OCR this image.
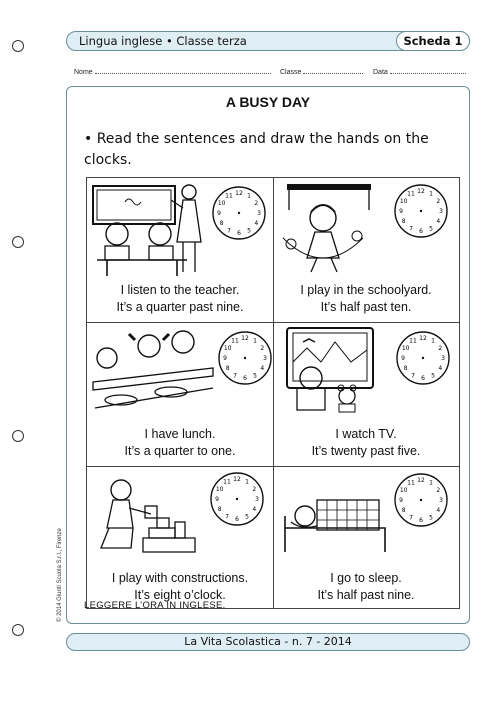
Lingua inglese • Classe terza	Scheda 1
Nome	Classe	Data
A BUSY DAY
• Read the sentences and draw the hands on the clocks.
12 1
2
3
4
5
6
7
8
9
10
11
I listen to the teacher.
It’s a quarter past nine.
12 1
2
3
4
5
6
7
8
9
10
11
I play in the schoolyard.
It’s half past ten.
12 1
2
3
4
5
6
7
8
9
10
11
I have lunch.
It’s a quarter to one.
12 1
2
3
4
5
6
7
8
9
10
11
I watch TV.
It’s twenty past five.
12 1
2
3
4
5
6
7
8
9
10
11
I play with constructions.
It’s eight o’clock.
12 1
2
3
4
5
6
7
8
9
10
11
I go to sleep.
It’s half past nine.
LEGGERE L’ORA IN INGLESE.
© 2014 Giunti Scuola S.r.l., Firenze
La Vita Scolastica - n. 7 - 2014
